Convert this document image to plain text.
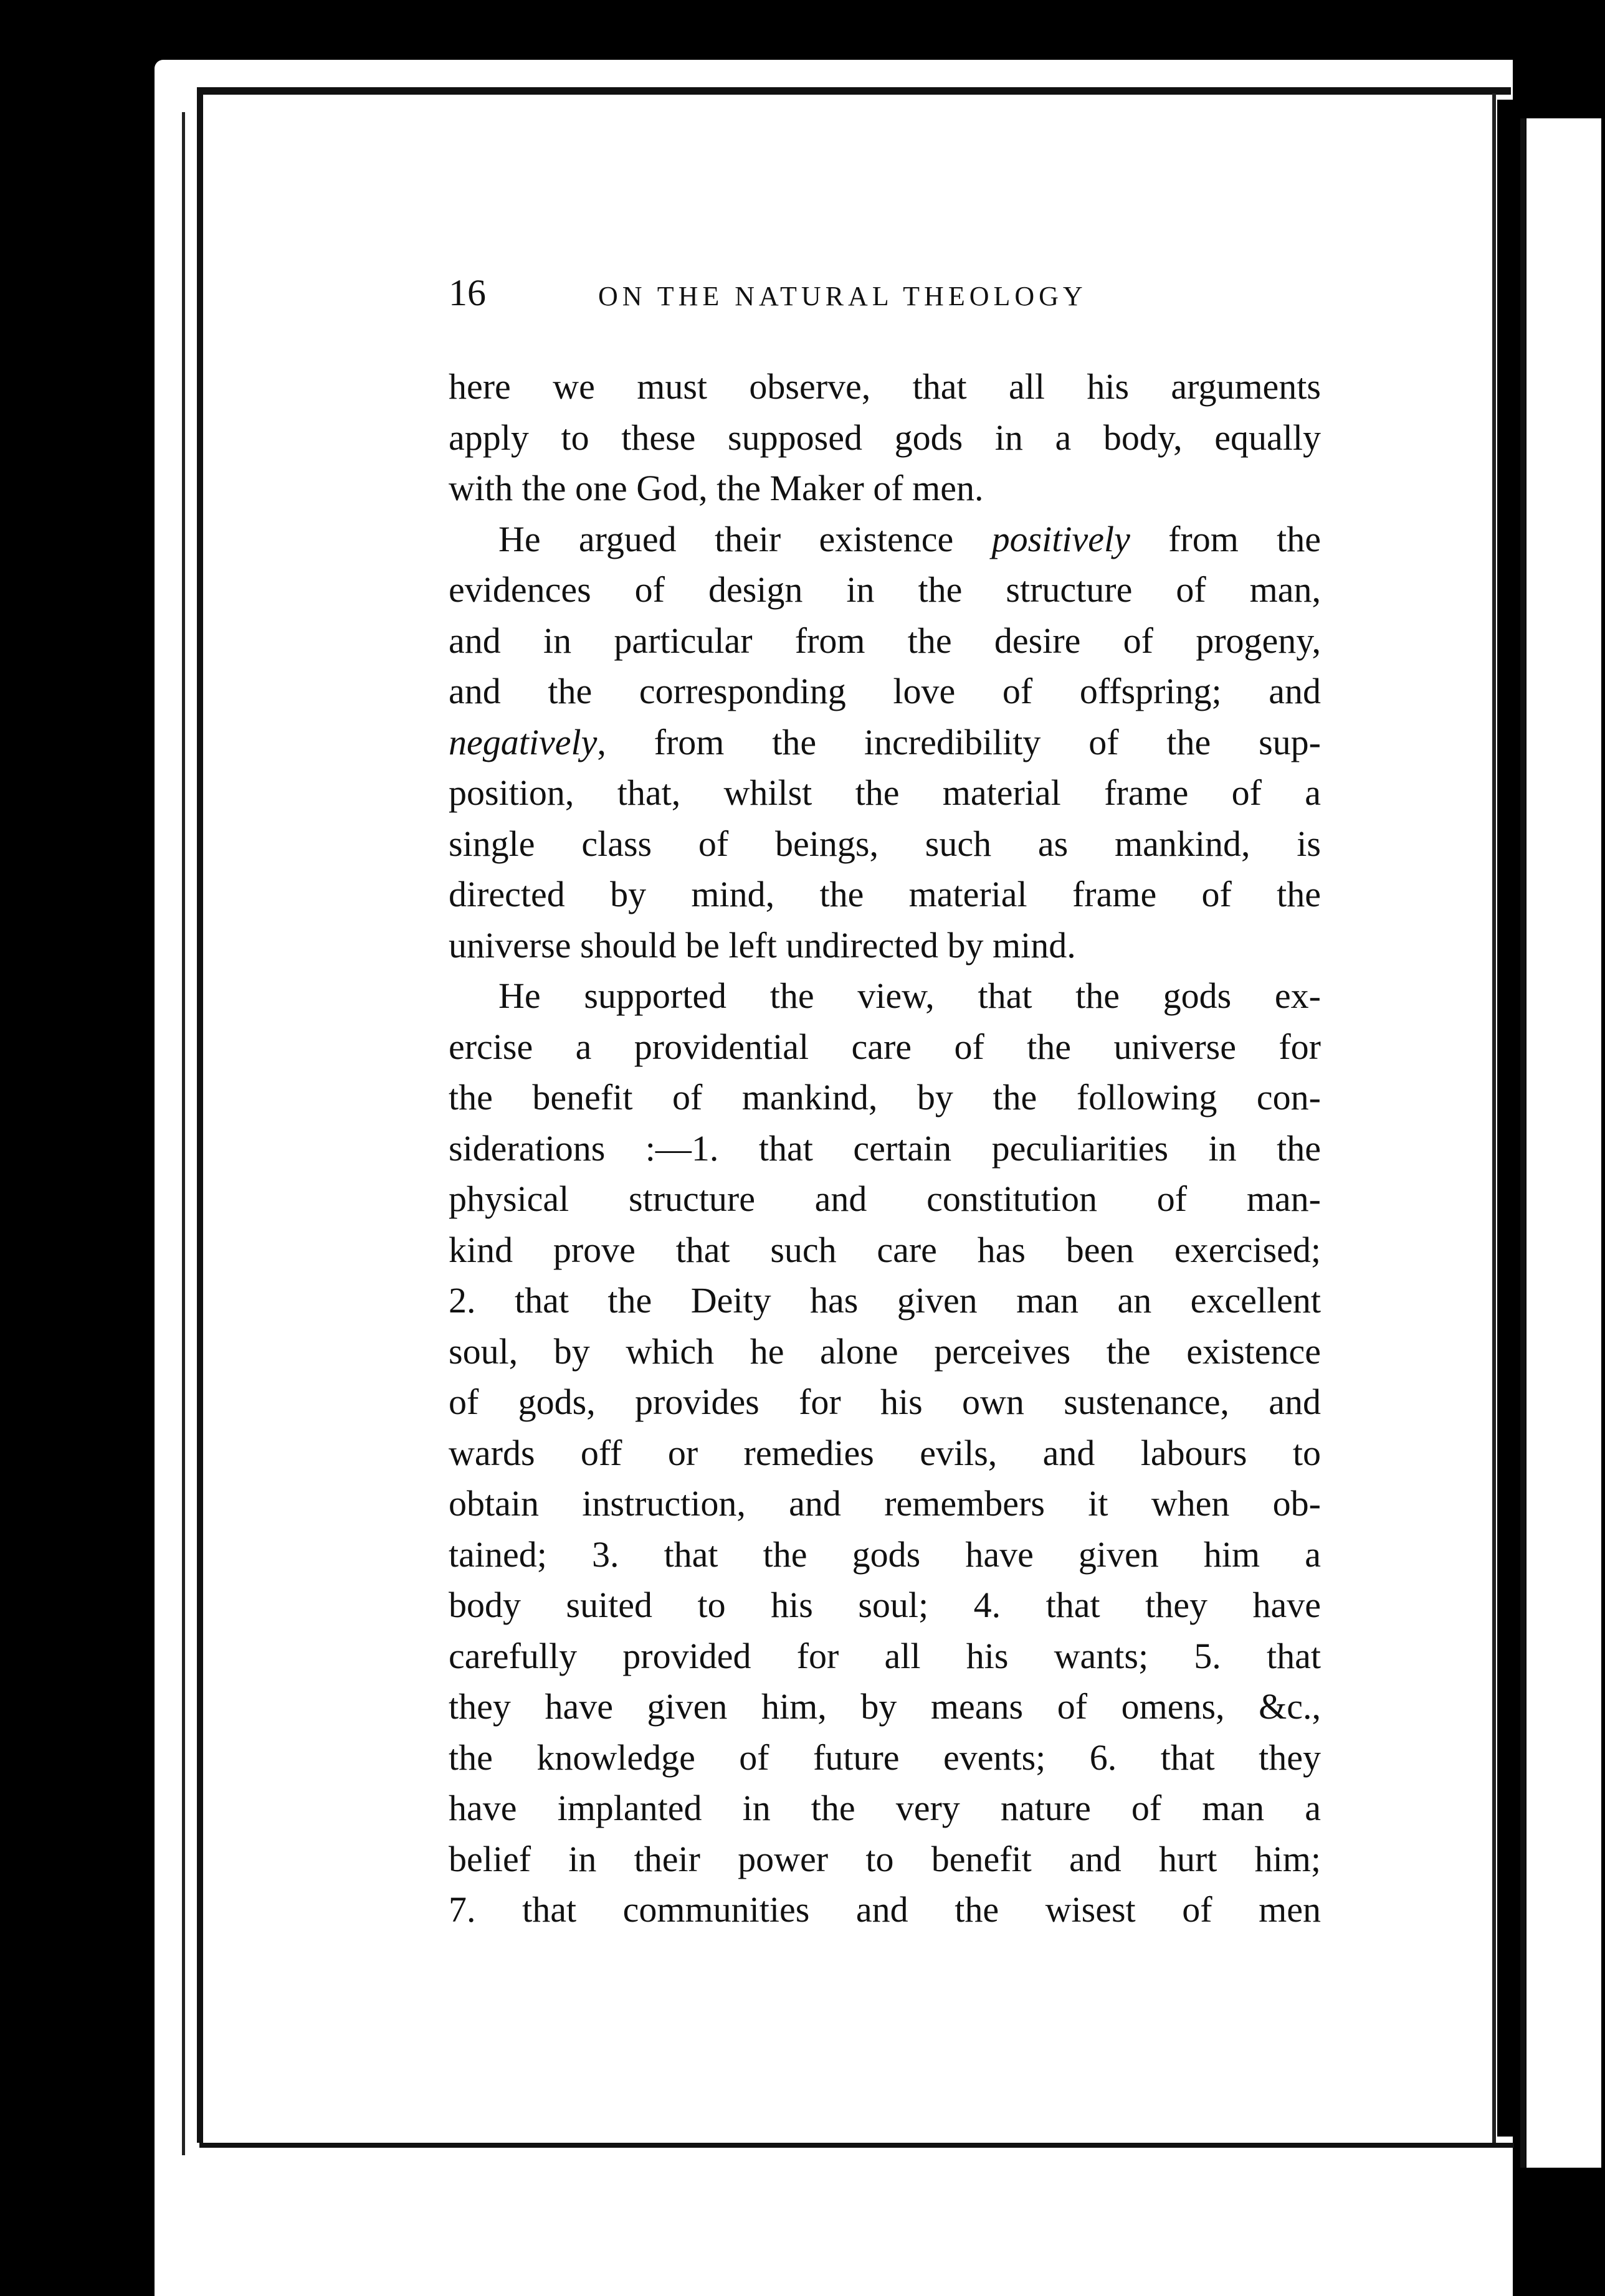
16	ON THE NATURAL THEOLOGY
here we must observe, that all his arguments
apply to these supposed gods in a body, equally
with the one God, the Maker of men.
He argued their existence positively from the
evidences of design in the structure of man,
and in particular from the desire of progeny,
and the corresponding love of offspring; and
negatively, from the incredibility of the sup-
position, that, whilst the material frame of a
single class of beings, such as mankind, is
directed by mind, the material frame of the
universe should be left undirected by mind.
He supported the view, that the gods ex-
ercise a providential care of the universe for
the benefit of mankind, by the following con-
siderations :—1. that certain peculiarities in the
physical structure and constitution of man-
kind prove that such care has been exercised;
2. that the Deity has given man an excellent
soul, by which he alone perceives the existence
of gods, provides for his own sustenance, and
wards off or remedies evils, and labours to
obtain instruction, and remembers it when ob-
tained; 3. that the gods have given him a
body suited to his soul; 4. that they have
carefully provided for all his wants; 5. that
they have given him, by means of omens, &c.,
the knowledge of future events; 6. that they
have implanted in the very nature of man a
belief in their power to benefit and hurt him;
7. that communities and the wisest of men
